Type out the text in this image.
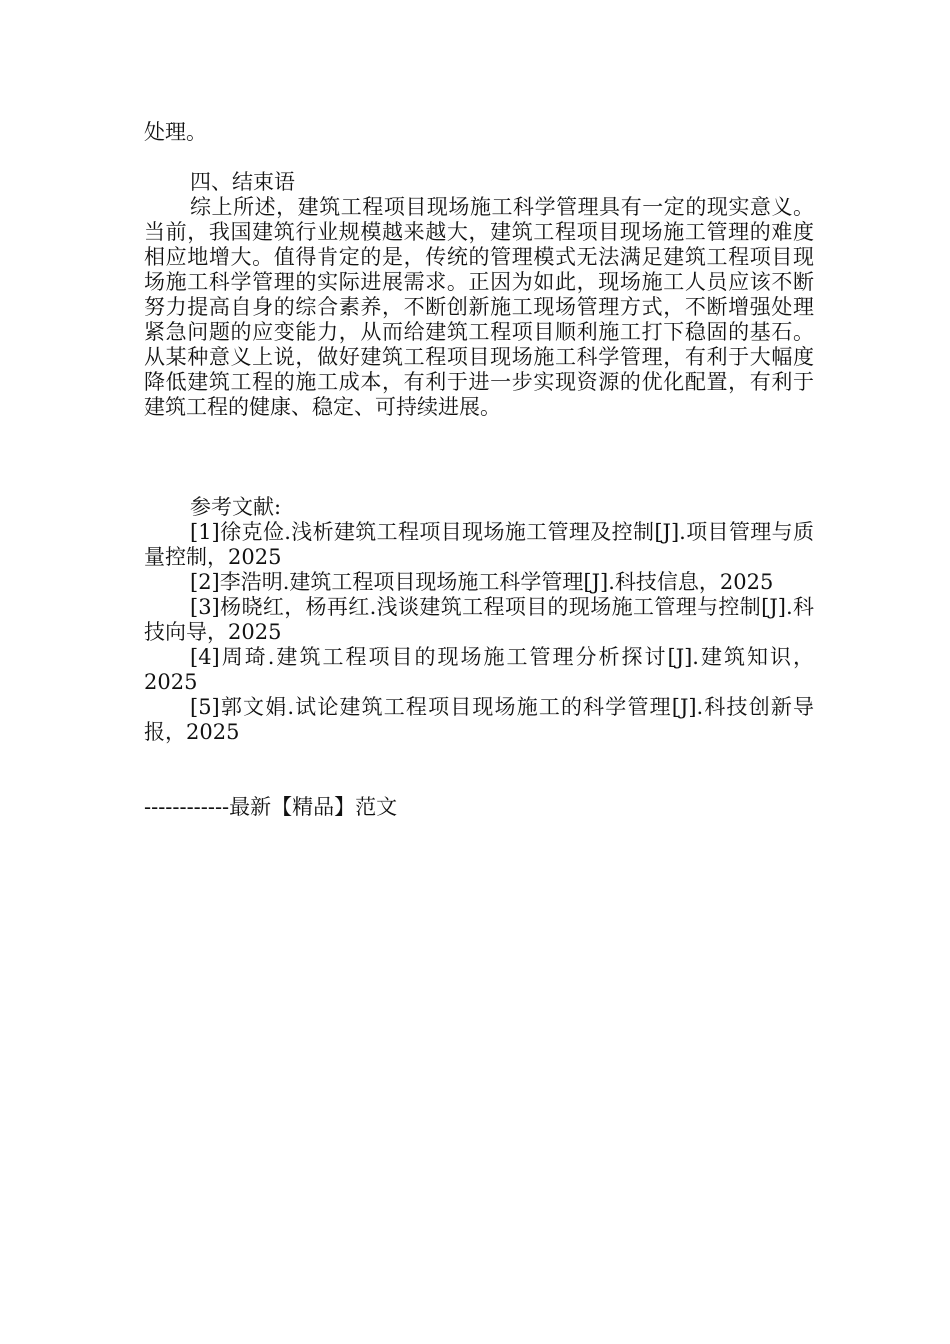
处理。

四、结束语

综上所述，建筑工程项目现场施工科学管理具有一定的现实意义。当前，我国建筑行业规模越来越大，建筑工程项目现场施工管理的难度相应地增大。值得肯定的是，传统的管理模式无法满足建筑工程项目现场施工科学管理的实际进展需求。正因为如此，现场施工人员应该不断努力提高自身的综合素养，不断创新施工现场管理方式，不断增强处理紧急问题的应变能力，从而给建筑工程项目顺利施工打下稳固的基石。从某种意义上说，做好建筑工程项目现场施工科学管理，有利于大幅度降低建筑工程的施工成本，有利于进一步实现资源的优化配置，有利于建筑工程的健康、稳定、可持续进展。

参考文献:

[1]徐克俭.浅析建筑工程项目现场施工管理及控制[J].项目管理与质量控制，2025

[2]李浩明.建筑工程项目现场施工科学管理[J].科技信息，2025

[3]杨晓红，杨再红.浅谈建筑工程项目的现场施工管理与控制[J].科技向导，2025

[4]周琦.建筑工程项目的现场施工管理分析探讨[J].建筑知识，2025

[5]郭文娟.试论建筑工程项目现场施工的科学管理[J].科技创新导报，2025

------------最新【精品】范文
